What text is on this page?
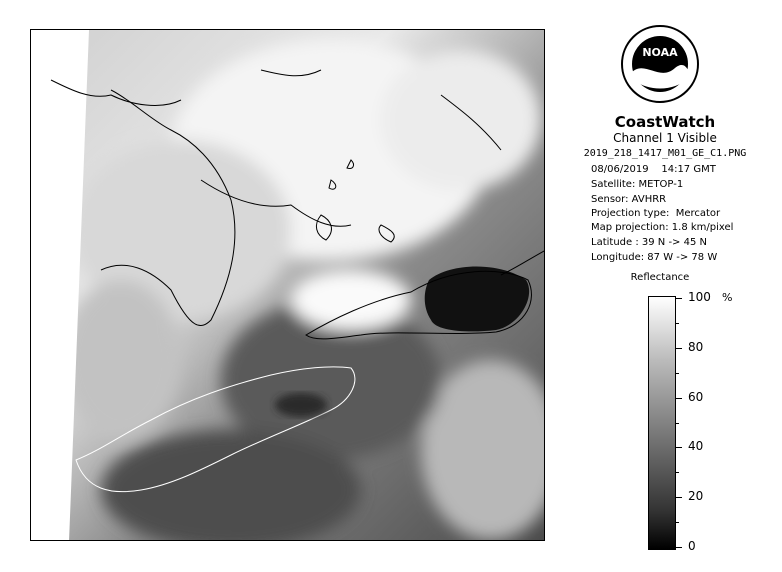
NOAA
CoastWatch
Channel 1 Visible
2019_218_1417_M01_GE_C1.PNG
08/06/2019    14:17 GMT
Satellite: METOP-1
Sensor: AVHRR
Projection type:  Mercator
Map projection: 1.8 km/pixel
Latitude : 39 N -> 45 N
Longitude: 87 W -> 78 W
Reflectance
%
100
80
60
40
20
0
